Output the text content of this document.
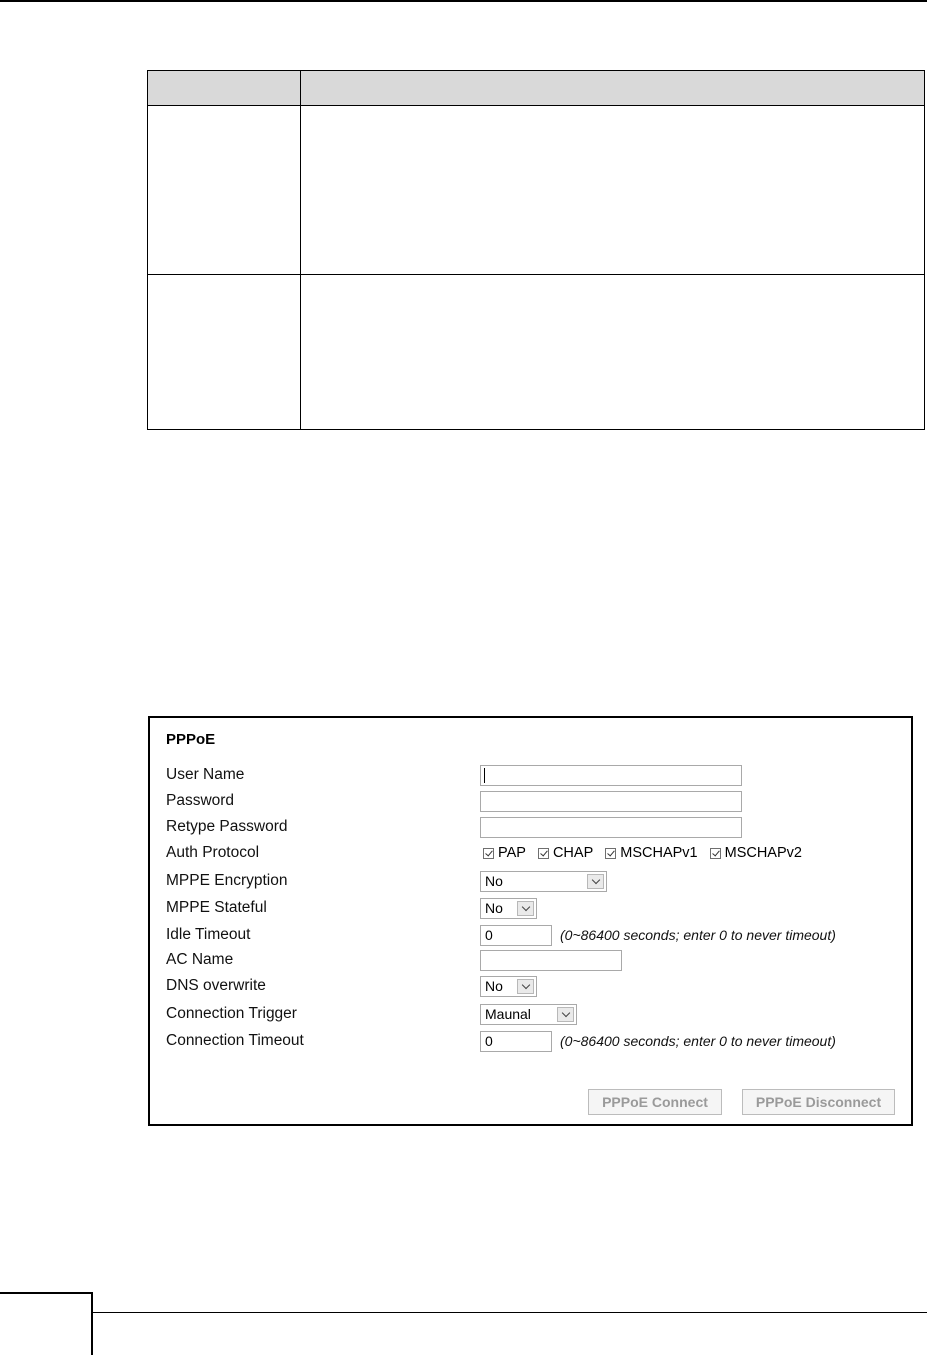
PPPoE
User Name
Password
Retype Password
Auth Protocol	PAP CHAP MSCHAPv1 MSCHAPv2
MPPE Encryption	No
MPPE Stateful	No
Idle Timeout	0	(0~86400 seconds; enter 0 to never timeout)
AC Name
DNS overwrite	No
Connection Trigger	Maunal
Connection Timeout	0	(0~86400 seconds; enter 0 to never timeout)
PPPoE Connect	PPPoE Disconnect
